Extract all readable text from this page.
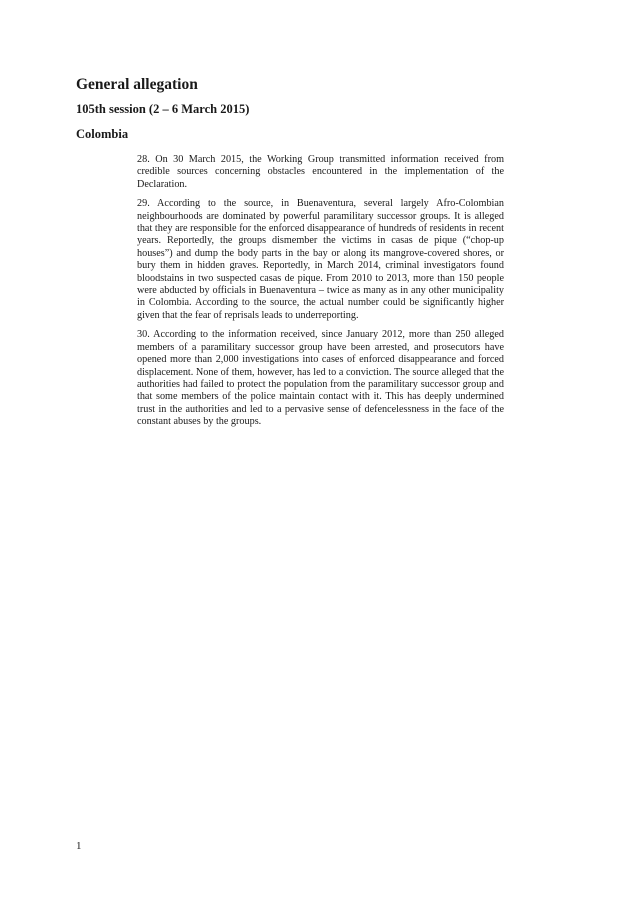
General allegation
105th session (2 – 6 March 2015)
Colombia

28. On 30 March 2015, the Working Group transmitted information received from credible sources concerning obstacles encountered in the implementation of the Declaration.

29. According to the source, in Buenaventura, several largely Afro-Colombian neighbourhoods are dominated by powerful paramilitary successor groups. It is alleged that they are responsible for the enforced disappearance of hundreds of residents in recent years. Reportedly, the groups dismember the victims in casas de pique (“chop-up houses”) and dump the body parts in the bay or along its mangrove-covered shores, or bury them in hidden graves. Reportedly, in March 2014, criminal investigators found bloodstains in two suspected casas de pique. From 2010 to 2013, more than 150 people were abducted by officials in Buenaventura – twice as many as in any other municipality in Colombia. According to the source, the actual number could be significantly higher given that the fear of reprisals leads to underreporting.

30. According to the information received, since January 2012, more than 250 alleged members of a paramilitary successor group have been arrested, and prosecutors have opened more than 2,000 investigations into cases of enforced disappearance and forced displacement. None of them, however, has led to a conviction. The source alleged that the authorities had failed to protect the population from the paramilitary successor group and that some members of the police maintain contact with it. This has deeply undermined trust in the authorities and led to a pervasive sense of defencelessness in the face of the constant abuses by the groups.

1
